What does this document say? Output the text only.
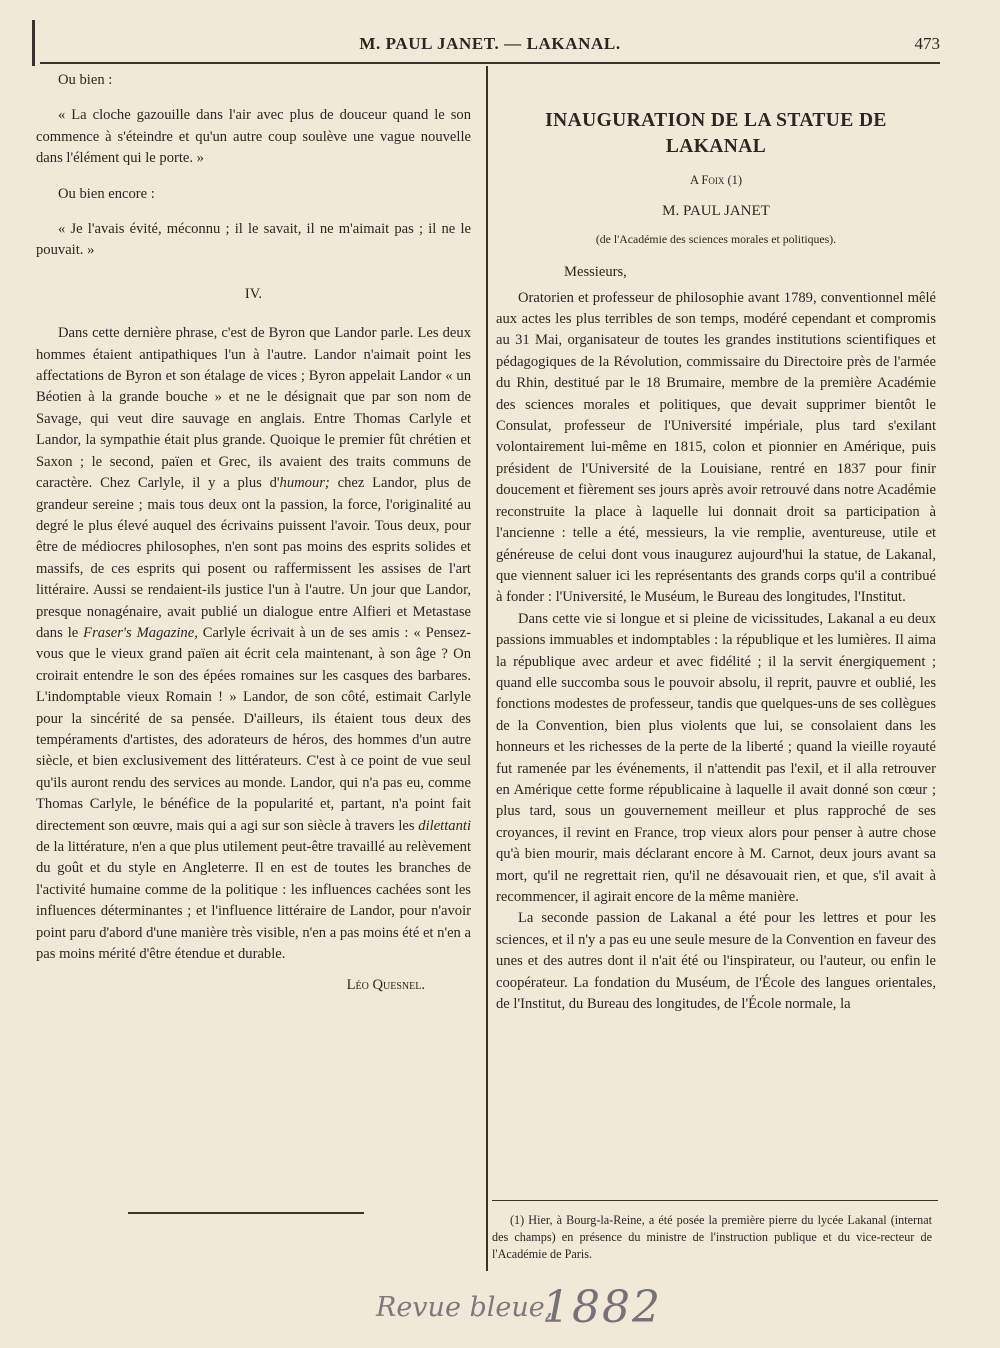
M. PAUL JANET. — LAKANAL.	473

Ou bien :

« La cloche gazouille dans l'air avec plus de douceur quand le son commence à s'éteindre et qu'un autre coup soulève une vague nouvelle dans l'élément qui le porte. »

Ou bien encore :

« Je l'avais évité, méconnu ; il le savait, il ne m'aimait pas ; il ne le pouvait. »

IV.

Dans cette dernière phrase, c'est de Byron que Landor parle. Les deux hommes étaient antipathiques l'un à l'autre. Landor n'aimait point les affectations de Byron et son étalage de vices ; Byron appelait Landor « un Béotien à la grande bouche » et ne le désignait que par son nom de Savage, qui veut dire sauvage en anglais. Entre Thomas Carlyle et Landor, la sympathie était plus grande. Quoique le premier fût chrétien et Saxon ; le second, païen et Grec, ils avaient des traits communs de caractère. Chez Carlyle, il y a plus d'humour; chez Landor, plus de grandeur sereine ; mais tous deux ont la passion, la force, l'originalité au degré le plus élevé auquel des écrivains puissent l'avoir. Tous deux, pour être de médiocres philosophes, n'en sont pas moins des esprits solides et massifs, de ces esprits qui posent ou raffermissent les assises de l'art littéraire. Aussi se rendaient-ils justice l'un à l'autre. Un jour que Landor, presque nonagénaire, avait publié un dialogue entre Alfieri et Metastase dans le Fraser's Magazine, Carlyle écrivait à un de ses amis : « Pensez-vous que le vieux grand païen ait écrit cela maintenant, à son âge ? On croirait entendre le son des épées romaines sur les casques des barbares. L'indomptable vieux Romain ! » Landor, de son côté, estimait Carlyle pour la sincérité de sa pensée. D'ailleurs, ils étaient tous deux des tempéraments d'artistes, des adorateurs de héros, des hommes d'un autre siècle, et bien exclusivement des littérateurs. C'est à ce point de vue seul qu'ils auront rendu des services au monde. Landor, qui n'a pas eu, comme Thomas Carlyle, le bénéfice de la popularité et, partant, n'a point fait directement son œuvre, mais qui a agi sur son siècle à travers les dilettanti de la littérature, n'en a que plus utilement peut-être travaillé au relèvement du goût et du style en Angleterre. Il en est de toutes les branches de l'activité humaine comme de la politique : les influences cachées sont les influences déterminantes ; et l'influence littéraire de Landor, pour n'avoir point paru d'abord d'une manière très visible, n'en a pas moins été et n'en a pas moins mérité d'être étendue et durable.

Léo Quesnel.

INAUGURATION DE LA STATUE DE LAKANAL

A Foix (1)

M. PAUL JANET

(de l'Académie des sciences morales et politiques).

Messieurs,

Oratorien et professeur de philosophie avant 1789, conventionnel mêlé aux actes les plus terribles de son temps, modéré cependant et compromis au 31 Mai, organisateur de toutes les grandes institutions scientifiques et pédagogiques de la Révolution, commissaire du Directoire près de l'armée du Rhin, destitué par le 18 Brumaire, membre de la première Académie des sciences morales et politiques, que devait supprimer bientôt le Consulat, professeur de l'Université impériale, plus tard s'exilant volontairement lui-même en 1815, colon et pionnier en Amérique, puis président de l'Université de la Louisiane, rentré en 1837 pour finir doucement et fièrement ses jours après avoir retrouvé dans notre Académie reconstruite la place à laquelle lui donnait droit sa participation à l'ancienne : telle a été, messieurs, la vie remplie, aventureuse, utile et généreuse de celui dont vous inaugurez aujourd'hui la statue, de Lakanal, que viennent saluer ici les représentants des grands corps qu'il a contribué à fonder : l'Université, le Muséum, le Bureau des longitudes, l'Institut.

Dans cette vie si longue et si pleine de vicissitudes, Lakanal a eu deux passions immuables et indomptables : la république et les lumières. Il aima la république avec ardeur et avec fidélité ; il la servit énergiquement ; quand elle succomba sous le pouvoir absolu, il reprit, pauvre et oublié, les fonctions modestes de professeur, tandis que quelques-uns de ses collègues de la Convention, bien plus violents que lui, se consolaient dans les honneurs et les richesses de la perte de la liberté ; quand la vieille royauté fut ramenée par les événements, il n'attendit pas l'exil, et il alla retrouver en Amérique cette forme républicaine à laquelle il avait donné son cœur ; plus tard, sous un gouvernement meilleur et plus rapproché de ses croyances, il revint en France, trop vieux alors pour penser à autre chose qu'à bien mourir, mais déclarant encore à M. Carnot, deux jours avant sa mort, qu'il ne regrettait rien, qu'il ne désavouait rien, et que, s'il avait à recommencer, il agirait encore de la même manière.

La seconde passion de Lakanal a été pour les lettres et pour les sciences, et il n'y a pas eu une seule mesure de la Convention en faveur des unes et des autres dont il n'ait été ou l'inspirateur, ou l'auteur, ou enfin le coopérateur. La fondation du Muséum, de l'École des langues orientales, de l'Institut, du Bureau des longitudes, de l'École normale, la

(1) Hier, à Bourg-la-Reine, a été posée la première pierre du lycée Lakanal (internat des champs) en présence du ministre de l'instruction publique et du vice-recteur de l'Académie de Paris.
Revue bleue,
1882
